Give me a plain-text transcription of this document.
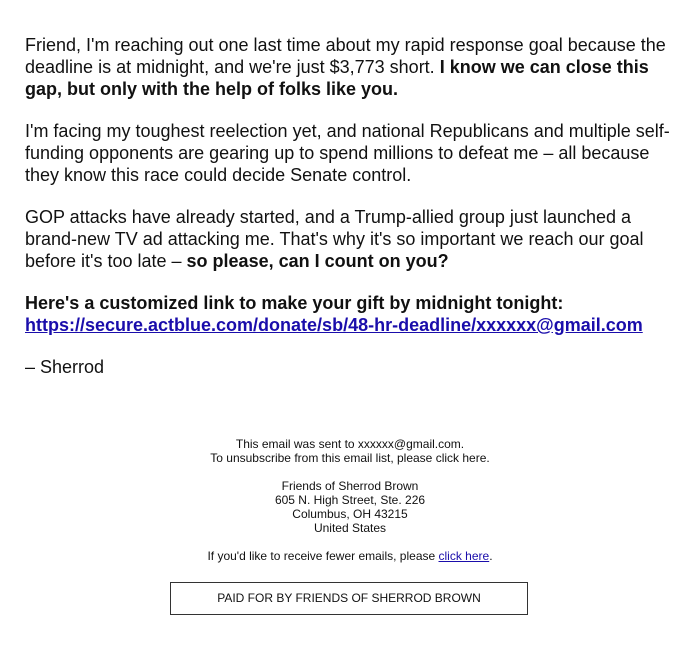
Friend, I'm reaching out one last time about my rapid response goal because the deadline is at midnight, and we're just $3,773 short. I know we can close this gap, but only with the help of folks like you.

I'm facing my toughest reelection yet, and national Republicans and multiple self-funding opponents are gearing up to spend millions to defeat me – all because they know this race could decide Senate control.

GOP attacks have already started, and a Trump-allied group just launched a brand-new TV ad attacking me. That's why it's so important we reach our goal before it's too late – so please, can I count on you?

Here's a customized link to make your gift by midnight tonight:
https://secure.actblue.com/donate/sb/48-hr-deadline/xxxxxx@gmail.com

– Sherrod

This email was sent to xxxxxx@gmail.com.
To unsubscribe from this email list, please click here.

Friends of Sherrod Brown
605 N. High Street, Ste. 226
Columbus, OH 43215
United States

If you'd like to receive fewer emails, please click here.

PAID FOR BY FRIENDS OF SHERROD BROWN
